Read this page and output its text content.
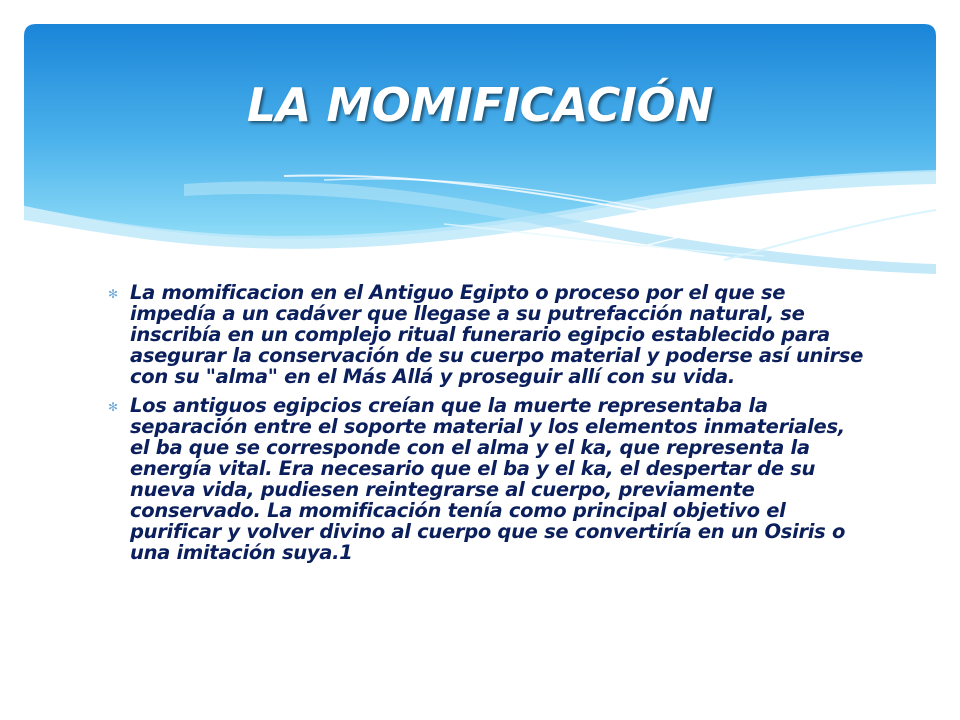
LA MOMIFICACIÓN
✻ La momificacion en el Antiguo Egipto o proceso por el que se impedía a un cadáver que llegase a su putrefacción natural, se inscribía en un complejo ritual funerario egipcio establecido para asegurar la conservación de su cuerpo material y poderse así unirse con su "alma" en el Más Allá y proseguir allí con su vida.
✻ Los antiguos egipcios creían que la muerte representaba la separación entre el soporte material y los elementos inmateriales, el ba que se corresponde con el alma y el ka, que representa la energía vital. Era necesario que el ba y el ka, el despertar de su nueva vida, pudiesen reintegrarse al cuerpo, previamente conservado. La momificación tenía como principal objetivo el purificar y volver divino al cuerpo que se convertiría en un Osiris o una imitación suya.1
